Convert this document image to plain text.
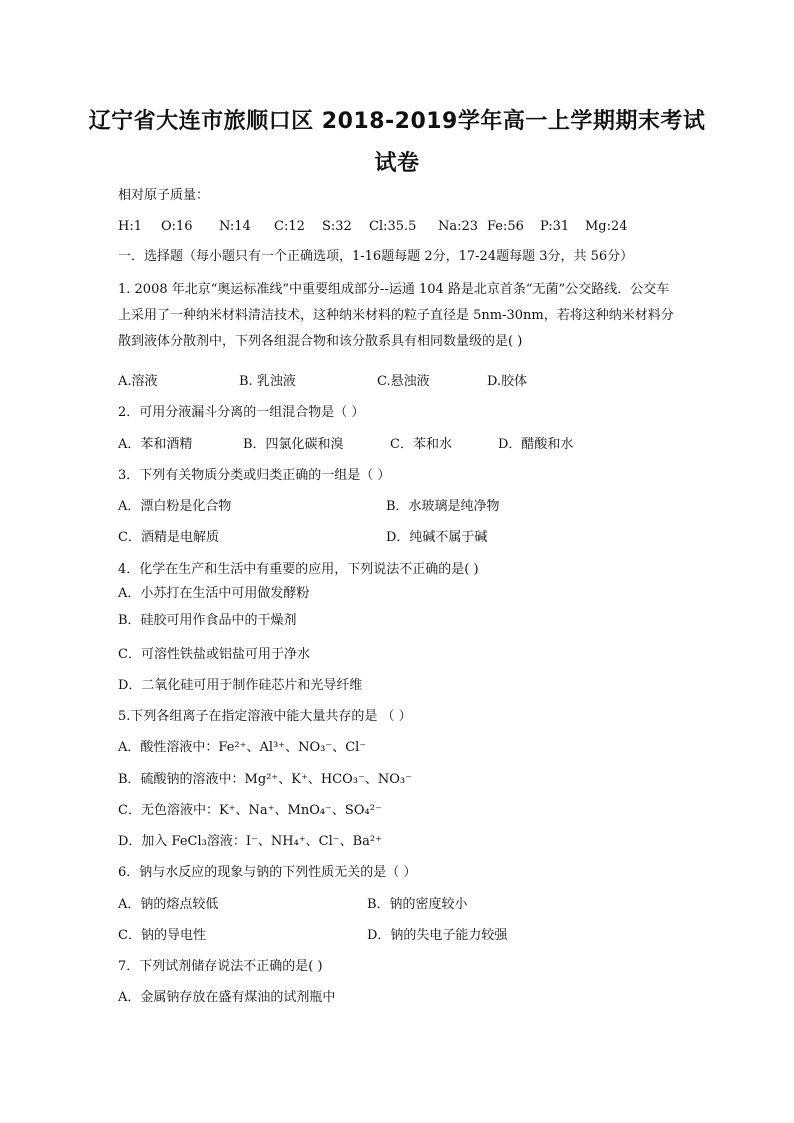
辽宁省大连市旅顺口区 2018-2019学年高一上学期期末考试
试卷
相对原子质量：
H:1 O:16 N:14 C:12 S:32 Cl:35.5 Na:23 Fe:56 P:31 Mg:24
一．选择题（每小题只有一个正确选项，1-16题每题 2分，17-24题每题 3分，共 56分）
1. 2008 年北京“奥运标准线”中重要组成部分--运通 104 路是北京首条“无菌”公交路线．公交车上采用了一种纳米材料清洁技术，这种纳米材料的粒子直径是 5nm-30nm，若将这种纳米材料分散到液体分散剂中，下列各组混合物和该分散系具有相同数量级的是( )
A.溶液	B. 乳浊液	C.悬浊液	D.胶体
2．可用分液漏斗分离的一组混合物是（ ）
A．苯和酒精	B．四氯化碳和溴	C．苯和水	D．醋酸和水
3．下列有关物质分类或归类正确的一组是（ ）
A．漂白粉是化合物	B．水玻璃是纯净物
C．酒精是电解质	D．纯碱不属于碱
4．化学在生产和生活中有重要的应用，下列说法不正确的是( )
A．小苏打在生活中可用做发酵粉
B．硅胶可用作食品中的干燥剂
C．可溶性铁盐或铝盐可用于净水
D．二氧化硅可用于制作硅芯片和光导纤维
5.下列各组离子在指定溶液中能大量共存的是 （ ）
A．酸性溶液中：Fe²⁺、Al³⁺、NO₃⁻、Cl⁻
B．硫酸钠的溶液中：Mg²⁺、K⁺、HCO₃⁻、NO₃⁻
C．无色溶液中：K⁺、Na⁺、MnO₄⁻、SO₄²⁻
D．加入 FeCl₃溶液：I⁻、NH₄⁺、Cl⁻、Ba²⁺
6．钠与水反应的现象与钠的下列性质无关的是（ ）
A．钠的熔点较低	B．钠的密度较小
C．钠的导电性	D．钠的失电子能力较强
7．下列试剂储存说法不正确的是( )
A．金属钠存放在盛有煤油的试剂瓶中
